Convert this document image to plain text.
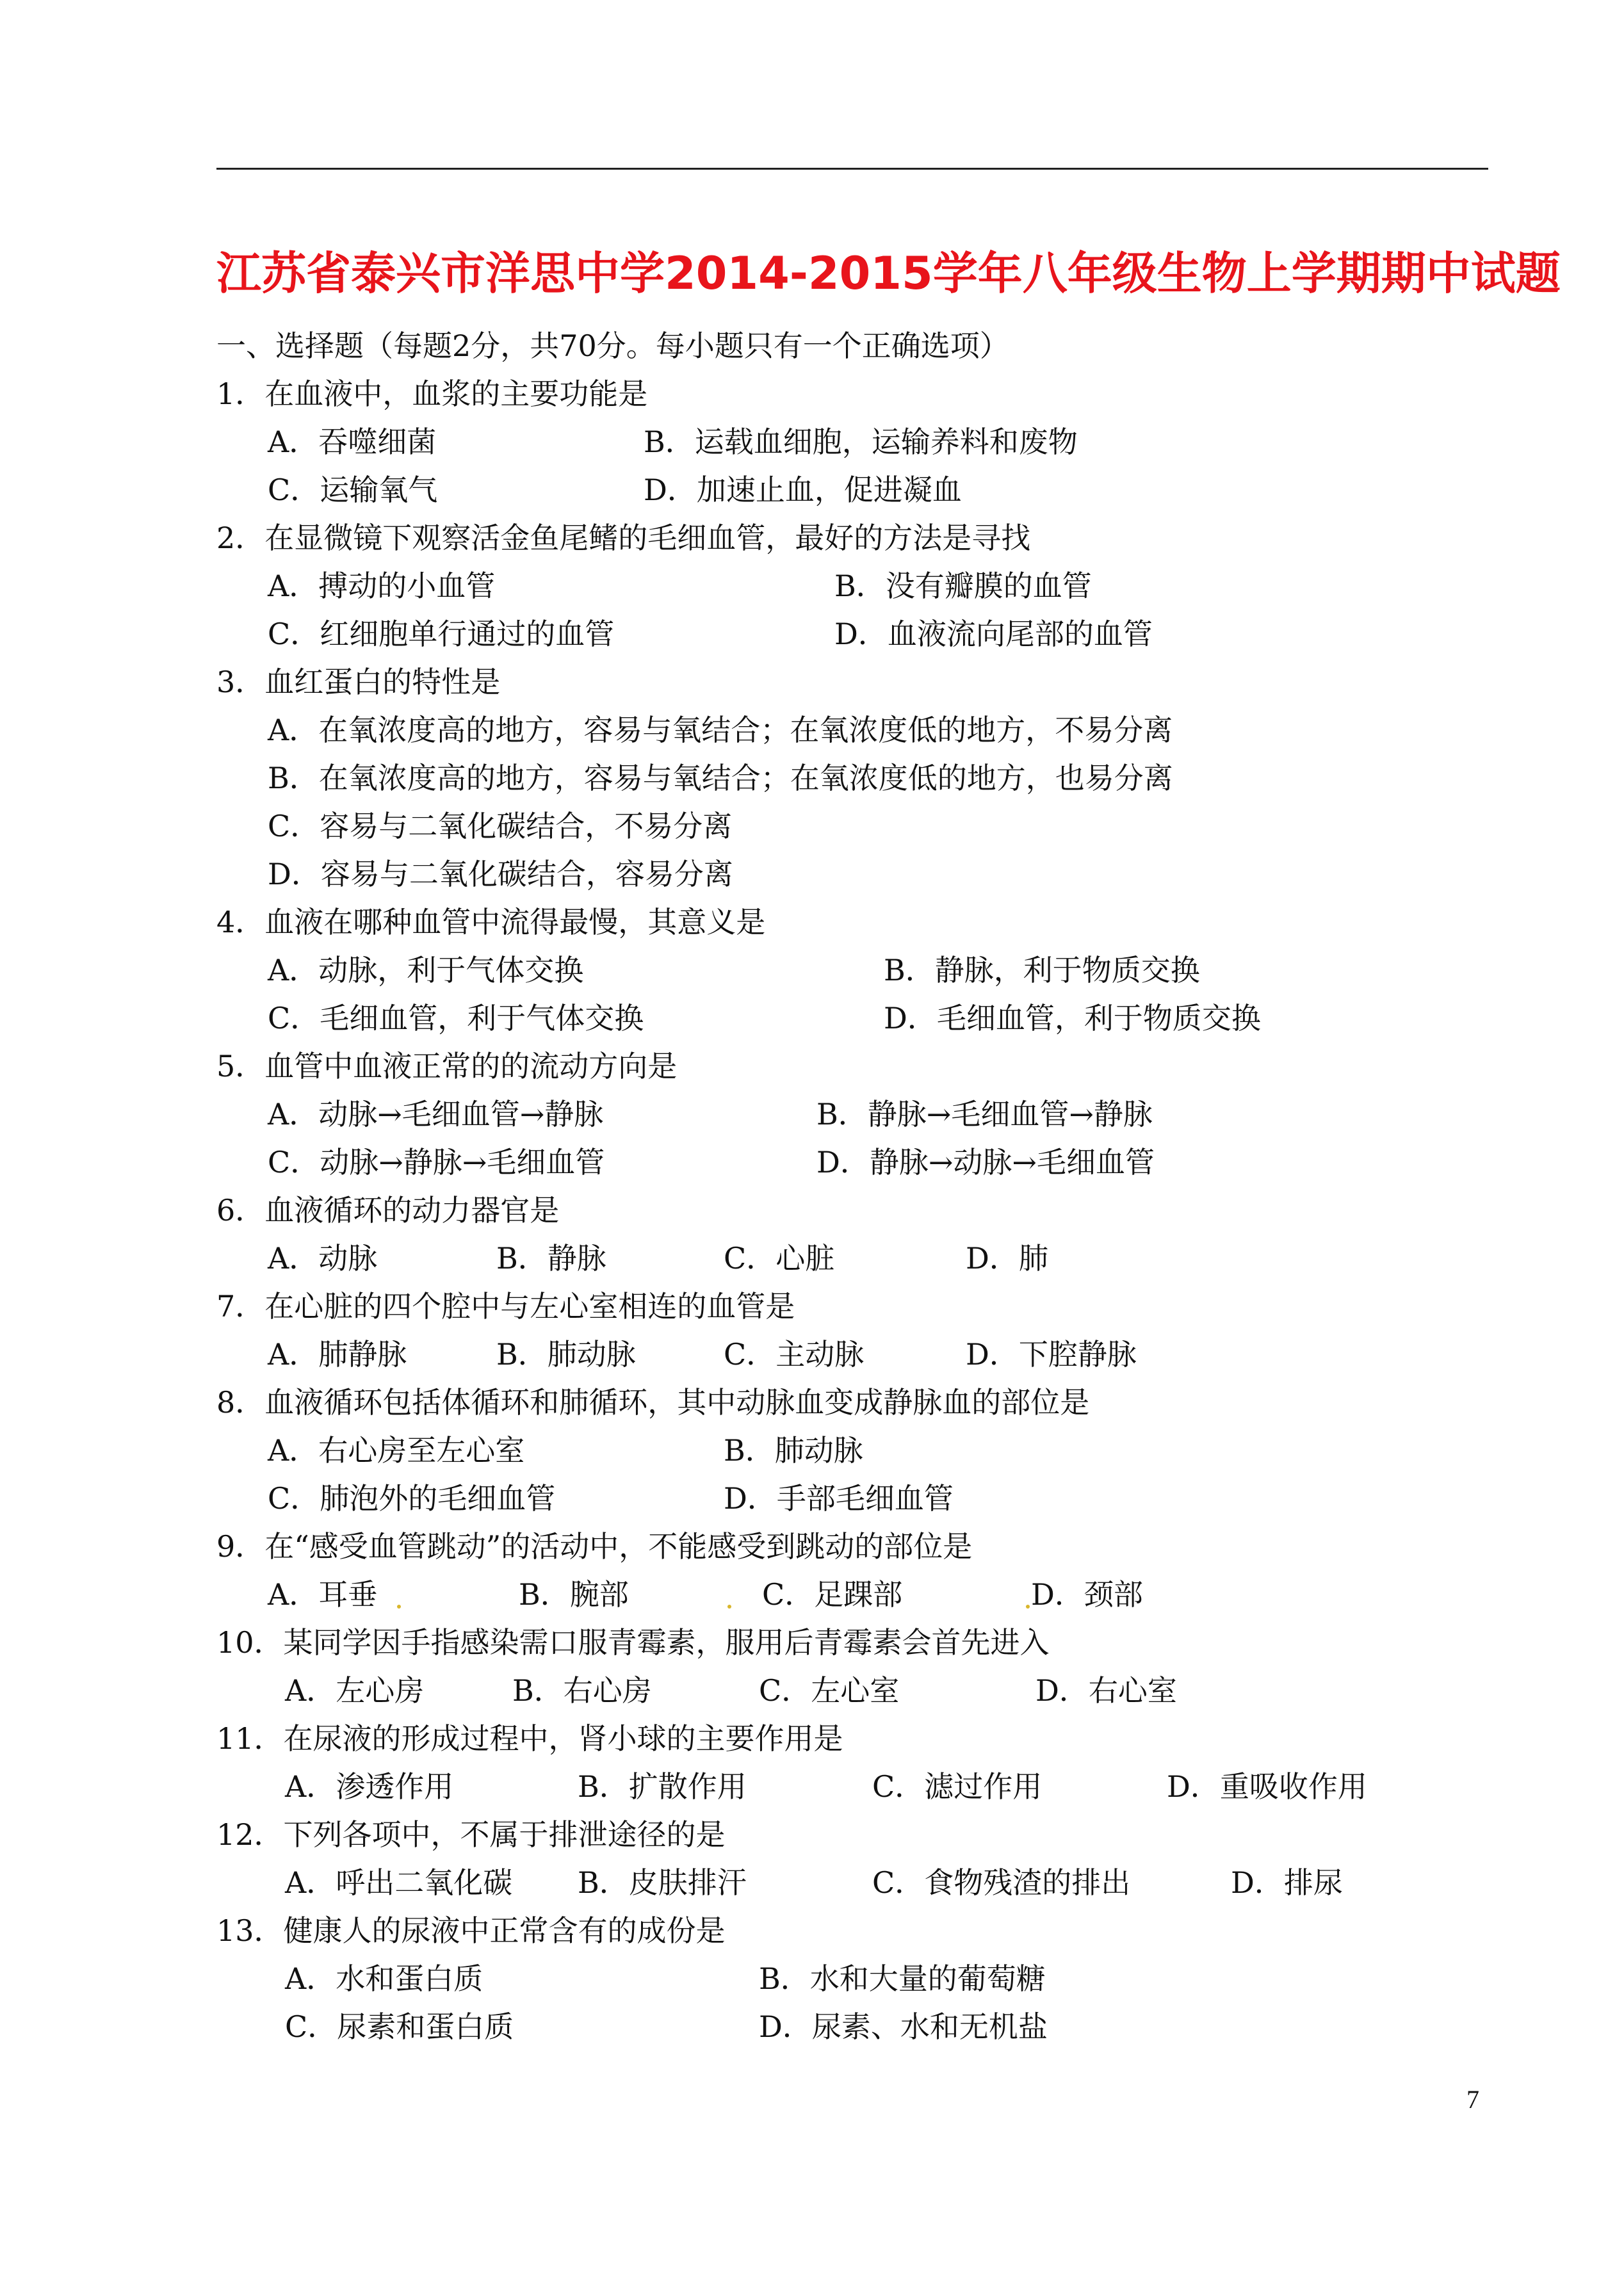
江苏省泰兴市洋思中学2014-2015学年八年级生物上学期期中试题
一、选择题（每题2分，共70分。每小题只有一个正确选项）
1．在血液中，血浆的主要功能是
A．吞噬细菌	B．运载血细胞，运输养料和废物
C．运输氧气	D．加速止血，促进凝血
2．在显微镜下观察活金鱼尾鳍的毛细血管，最好的方法是寻找
A．搏动的小血管	B．没有瓣膜的血管
C．红细胞单行通过的血管	D．血液流向尾部的血管
3．血红蛋白的特性是
A．在氧浓度高的地方，容易与氧结合；在氧浓度低的地方，不易分离
B．在氧浓度高的地方，容易与氧结合；在氧浓度低的地方，也易分离
C．容易与二氧化碳结合，不易分离
D．容易与二氧化碳结合，容易分离
4．血液在哪种血管中流得最慢，其意义是
A．动脉，利于气体交换	B．静脉，利于物质交换
C．毛细血管，利于气体交换	D．毛细血管，利于物质交换
5．血管中血液正常的的流动方向是
A．动脉→毛细血管→静脉	B．静脉→毛细血管→静脉
C．动脉→静脉→毛细血管	D．静脉→动脉→毛细血管
6．血液循环的动力器官是
A．动脉	B．静脉	C．心脏	D．肺
7．在心脏的四个腔中与左心室相连的血管是
A．肺静脉	B．肺动脉	C．主动脉	D．下腔静脉
8．血液循环包括体循环和肺循环，其中动脉血变成静脉血的部位是
A．右心房至左心室	B．肺动脉
C．肺泡外的毛细血管	D．手部毛细血管
9．在“感受血管跳动”的活动中，不能感受到跳动的部位是
A．耳垂	B．腕部	C．足踝部	D．颈部
10．某同学因手指感染需口服青霉素，服用后青霉素会首先进入
A．左心房	B．右心房	C．左心室	D．右心室
11．在尿液的形成过程中，肾小球的主要作用是
A．渗透作用	B．扩散作用	C．滤过作用	D．重吸收作用
12．下列各项中，不属于排泄途径的是
A．呼出二氧化碳 B．皮肤排汗	C．食物残渣的排出	D．排尿
13．健康人的尿液中正常含有的成份是
A．水和蛋白质	B．水和大量的葡萄糖
C．尿素和蛋白质	D．尿素、水和无机盐
7
